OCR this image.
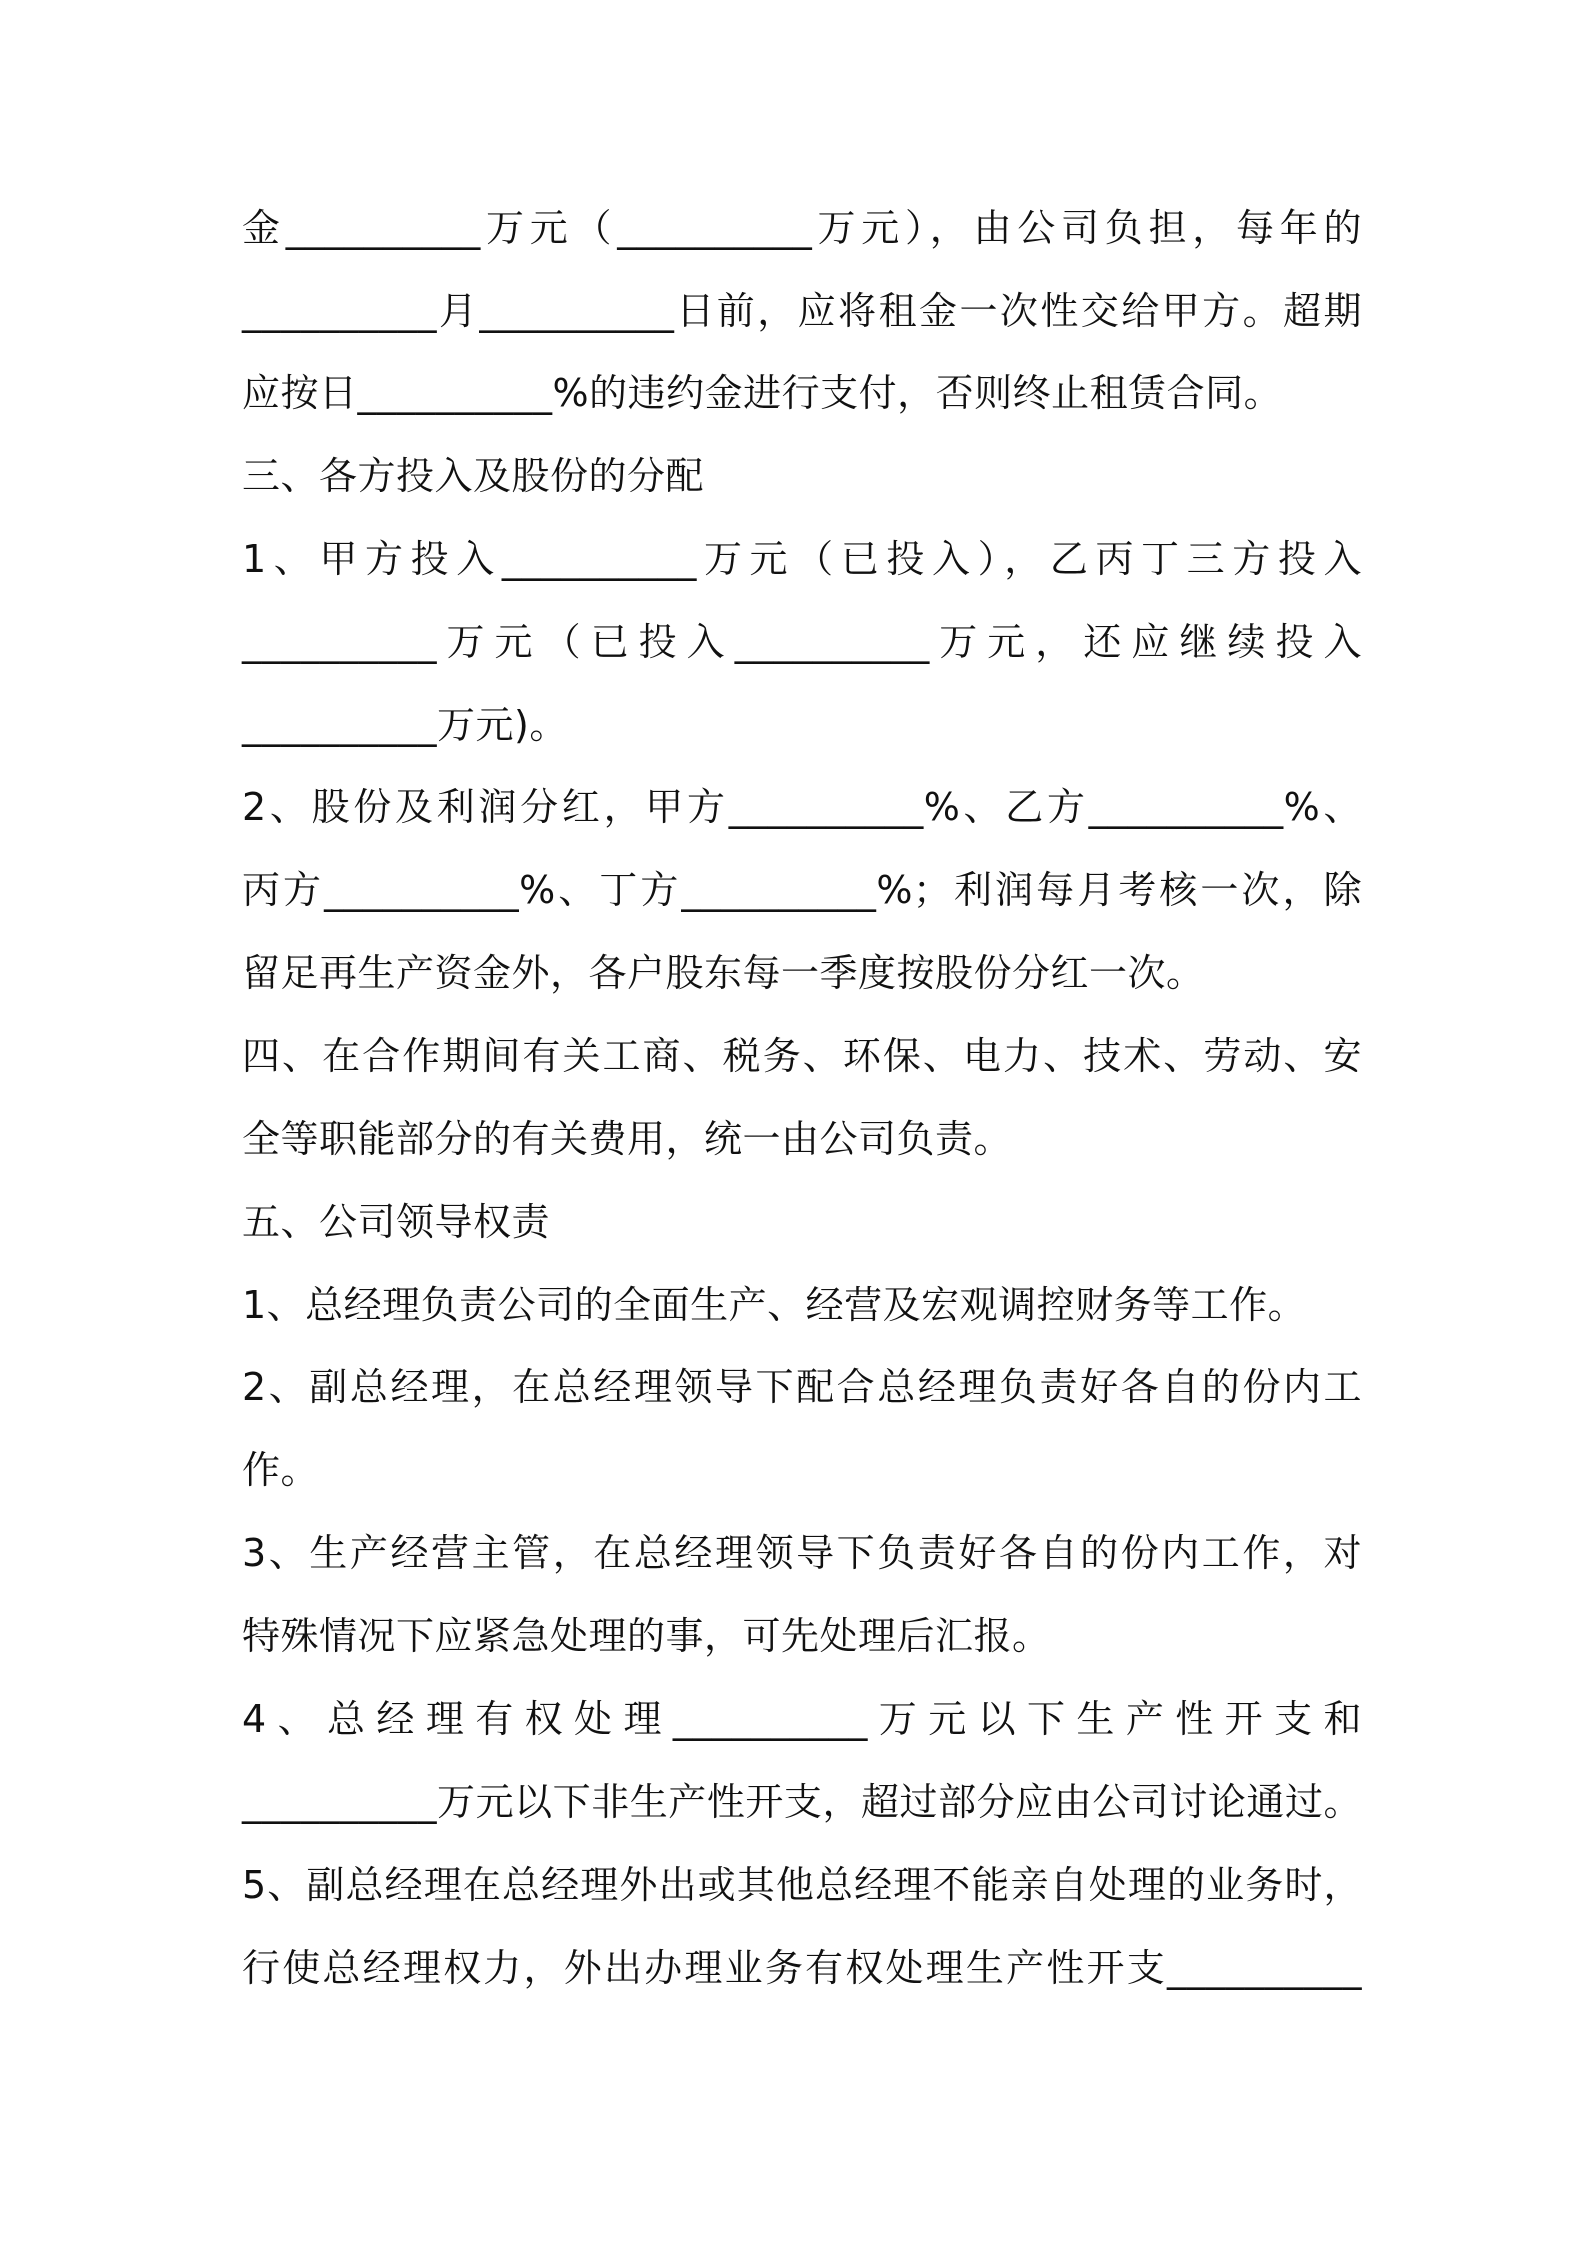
金__________万元（__________万元），由公司负担，每年的
__________月__________日前，应将租金一次性交给甲方。超期
应按日__________%的违约金进行支付，否则终止租赁合同。
三、各方投入及股份的分配
1、甲方投入__________万元（已投入），乙丙丁三方投入
__________万元（已投入__________万元，还应继续投入
__________万元)。
2、股份及利润分红，甲方__________%、乙方__________%、
丙方__________%、丁方__________%；利润每月考核一次，除
留足再生产资金外，各户股东每一季度按股份分红一次。
四、在合作期间有关工商、税务、环保、电力、技术、劳动、安
全等职能部分的有关费用，统一由公司负责。
五、公司领导权责
1、总经理负责公司的全面生产、经营及宏观调控财务等工作。
2、副总经理，在总经理领导下配合总经理负责好各自的份内工
作。
3、生产经营主管，在总经理领导下负责好各自的份内工作，对
特殊情况下应紧急处理的事，可先处理后汇报。
4、总经理有权处理__________万元以下生产性开支和
__________万元以下非生产性开支，超过部分应由公司讨论通过。
5、副总经理在总经理外出或其他总经理不能亲自处理的业务时，
行使总经理权力，外出办理业务有权处理生产性开支__________
